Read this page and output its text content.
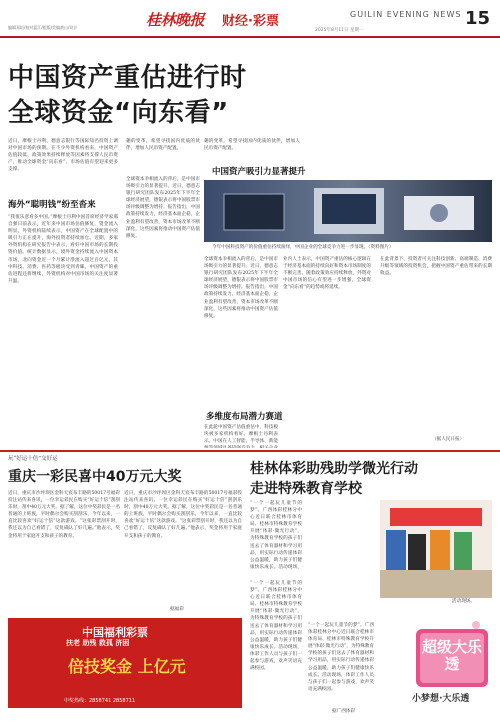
编辑邓垣/校对蓝江/组版/美编黄山/设计	桂林晚报 财经·彩票	GUILIN EVENING NEWS
2025年8月11日 星期一
15
中国资产重估进行时
全球资金“向东看”
近日，摩根士丹利、德意志银行等国际知名投资上调对中国市场的预期。在不少外资机构看来，中国资产估值较低、政策效果持续释放等因素将支撑人民币资产，推动全球资金“向东看”，市场估值有望迎来更多支撑。
海外“聪明钱”纷至沓来
“我很乐意看多中国。”摩根士丹利中国首席经济学家邢自强日前表示，近年来中国市场估值修复，资金流入明显。外资机构陆续表示，中国资产在全球配置中的吸引力正在提升，海外投资者持续加仓。近期，多家外资机构在研究报告中表示，看好中国市场的长期投资价值。统计数据显示，境外资金持续流入中国资本市场，北向资金近一个月累计净流入超过百亿元，其中科技、消费、医药等板块受到青睐。中国资产的重估进程还将继续，外资机构对中国市场的关注度显著升温。
趣的变革，希望寻找国内优质的伙伴，增加人民币资产配置。
趣的变革，希望寻找国内优质的伙伴，增加人民币资产配置。
中国资产吸引力显著提升
全球资本争相流入的背后，是中国市场吸引力的显著提升。近日，德意志银行研究团队发布2025年下半年全球经济展望，德银表示将中国股票市场评级调整为增持。报告指出，中国政策持续发力，经济基本面企稳，企业盈利有望改善，资本市场改革不断深化，这些因素将推动中国资产估值修复。
今年中国科技资产的价值重估持续演绎，中国企业的全球竞争力进一步显现。（资料图片）
全球资本争相流入的背后，是中国市场吸引力的显著提升。近日，德意志银行研究团队发布2025年下半年全球经济展望，德银表示将中国股票市场评级调整为增持。报告指出，中国政策持续发力，经济基本面企稳，企业盈利有望改善，资本市场改革不断深化，这些因素将推动中国资产估值修复。
多维度布局潜力赛道
在此轮中国资产估值重估中，科技板块被多家机构看好。摩根士丹利表示，中国在人工智能、半导体、新能
业内人士表示，中国资产重估的核心逻辑在于经济基本面的持续向好和资本市场制度的不断完善。随着政策效应持续释放，外资对中国市场的信心有望进一步增强，全球资金“向东看”的趋势或将延续。
在此背景下，投资者可关注科技创新、高端制造、消费升级等领域的投资机会，把握中国资产重估带来的长期收益。
（据人民日报）
玩“好运十倍”交好运
重庆一彩民喜中40万元大奖
近日，重庆市沙坪坝区金科天宸布丰路的50017号福彩投注站传来喜讯，一位幸运彩民在购买“好运十倍”刮刮乐时，刮中40万元大奖。据了解，这位中奖彩民是一名普通的上班族，平时偶尔会购买刮刮乐，今年以来，一直比较喜欢“好运十倍”这款游戏。“这张彩票刮开时，我还以为自己看错了，反复确认了好几遍。”他表示，奖金将用于家庭开支和孩子的教育。
近日，重庆市沙坪坝区金科天宸布丰路的50017号福彩投注站传来喜讯，一位幸运彩民在购买“好运十倍”刮刮乐时，刮中40万元大奖。据了解，这位中奖彩民是一名普通的上班族，平时偶尔会购买刮刮乐，今年以来，一直比较喜欢“好运十倍”这款游戏。“这张彩票刮开时，我还以为自己看错了，反复确认了好几遍。”他表示，奖金将用于家庭开支和孩子的教育。
据福彩
中国福利彩票
扶老 助残 救孤 济困
倍技奖金 上亿元
中奖热线：2858741 2858711
桂林体彩助残助学微光行动
走进特殊教育学校
“一个一起玩儿童节的梦”。广西体彩桂林分中心近日联合桂林市体育局、桂林市特殊教育学校开展“体彩·微光行动”，为特殊教育学校的孩子们送去了体育器材和学习用品，用实际行动传递体彩公益温暖，助力孩子们健康快乐成长。活动现场，
“一个一起玩儿童节的梦”。广西体彩桂林分中心近日联合桂林市体育局、桂林市特殊教育学校开展“体彩·微光行动”，为特殊教育学校的孩子们送去了体育器材和学习用品，用实际行动传递体彩公益温暖，助力孩子们健康快乐成长。活动现场，体彩工作人员与孩子们一起参与游戏，欢声笑语充满校园。
“一个一起玩儿童节的梦”。广西体彩桂林分中心近日联合桂林市体育局、桂林市特殊教育学校开展“体彩·微光行动”，为特殊教育学校的孩子们送去了体育器材和学习用品，用实际行动传递体彩公益温暖，助力孩子们健康快乐成长。活动现场，体彩工作人员与孩子们一起参与游戏，欢声笑语充满校园。
据广西体彩
活动现场。
超级大乐透
小梦想·大乐透
